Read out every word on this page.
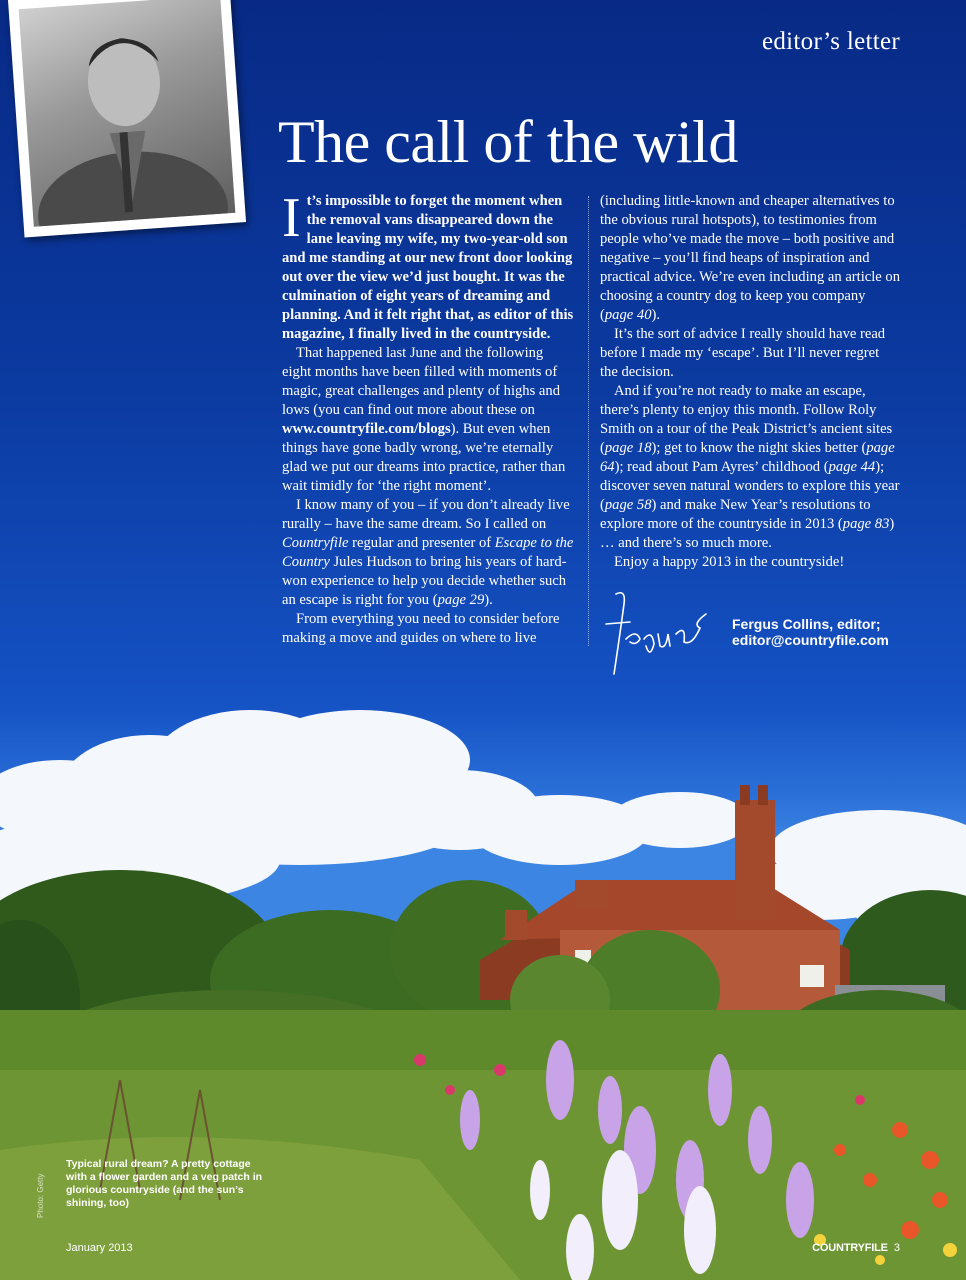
editor’s letter
The call of the wild

It’s impossible to forget the moment when the removal vans disappeared down the lane leaving my wife, my two-year-old son and me standing at our new front door looking out over the view we’d just bought. It was the culmination of eight years of dreaming and planning. And it felt right that, as editor of this magazine, I finally lived in the countryside.

That happened last June and the following eight months have been filled with moments of magic, great challenges and plenty of highs and lows (you can find out more about these on www.countryfile.com/blogs). But even when things have gone badly wrong, we’re eternally glad we put our dreams into practice, rather than wait timidly for ‘the right moment’.

I know many of you – if you don’t already live rurally – have the same dream. So I called on Countryfile regular and presenter of Escape to the Country Jules Hudson to bring his years of hard-won experience to help you decide whether such an escape is right for you (page 29).

From everything you need to consider before making a move and guides on where to live

(including little-known and cheaper alternatives to the obvious rural hotspots), to testimonies from people who’ve made the move – both positive and negative – you’ll find heaps of inspiration and practical advice. We’re even including an article on choosing a country dog to keep you company (page 40).

It’s the sort of advice I really should have read before I made my ‘escape’. But I’ll never regret the decision.

And if you’re not ready to make an escape, there’s plenty to enjoy this month. Follow Roly Smith on a tour of the Peak District’s ancient sites (page 18); get to know the night skies better (page 64); read about Pam Ayres’ childhood (page 44); discover seven natural wonders to explore this year (page 58) and make New Year’s resolutions to explore more of the countryside in 2013 (page 83) … and there’s so much more.

Enjoy a happy 2013 in the countryside!

Fergus Collins, editor;
editor@countryfile.com
Typical rural dream? A pretty cottage with a flower garden and a veg patch in glorious countryside (and the sun’s shining, too)
Photo: Getty
January 2013	COUNTRYFILE 3
